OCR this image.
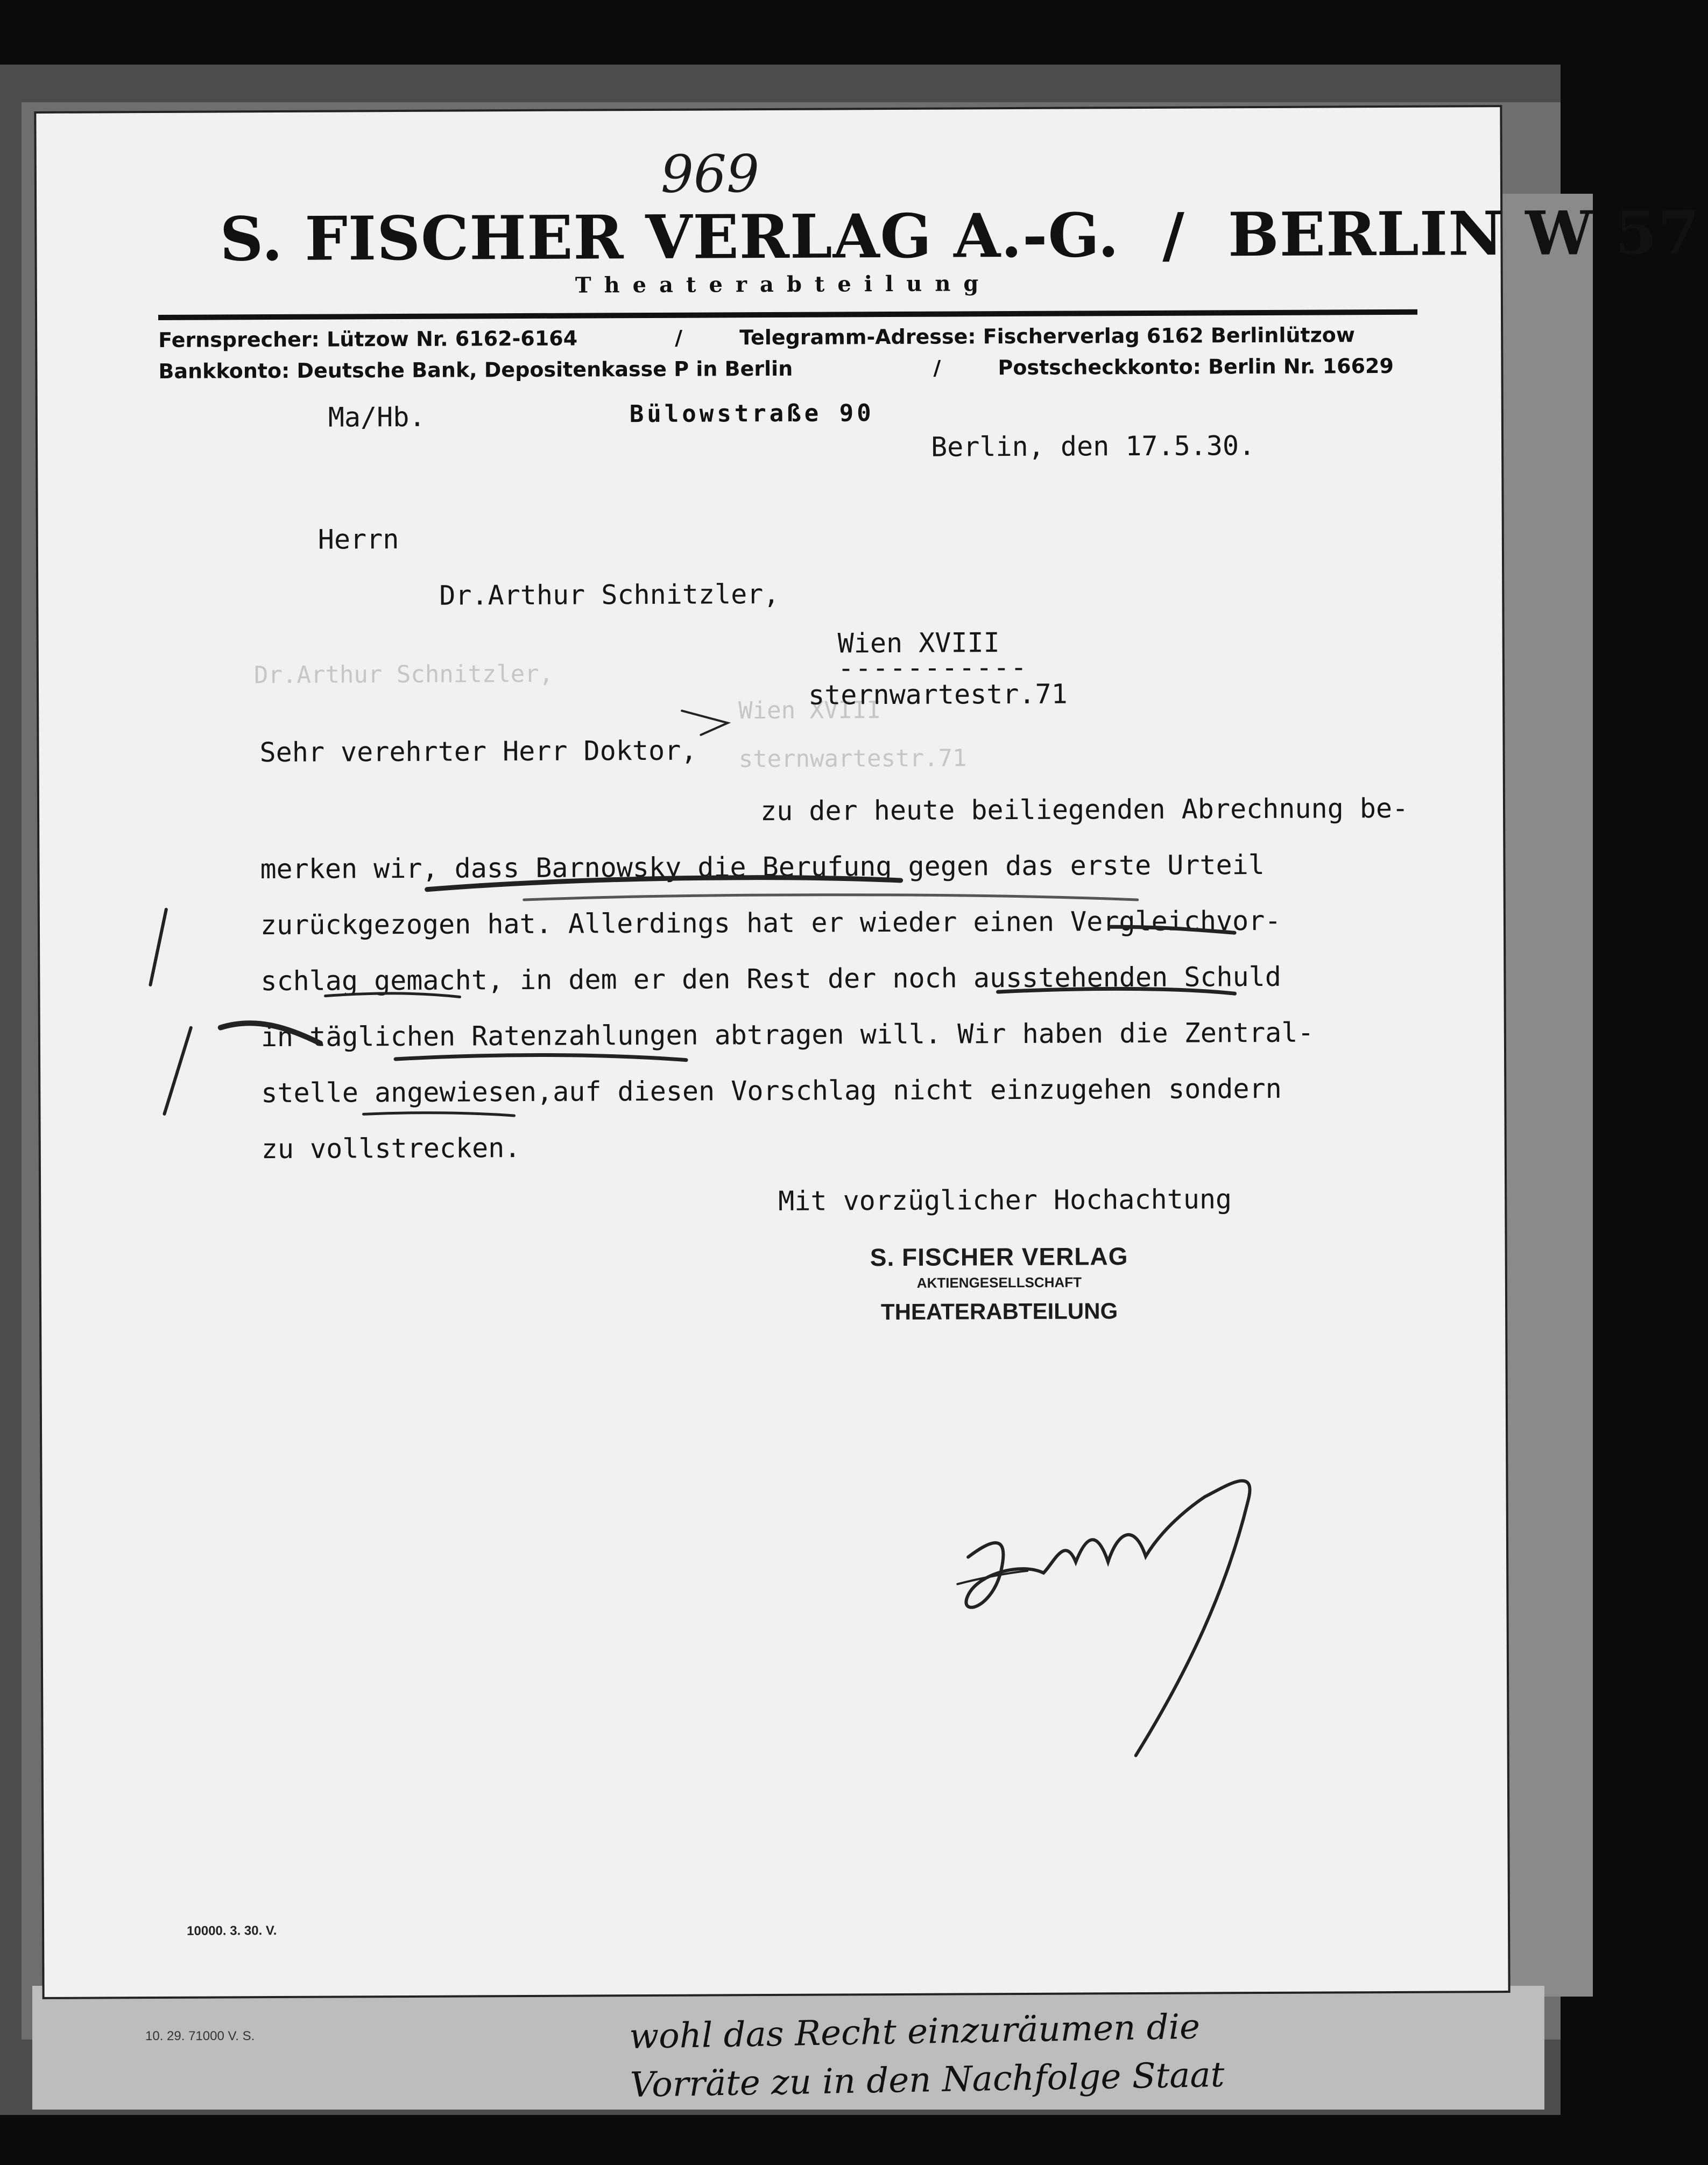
10. 29. 71000 V. S.	wohl das Recht einzuräumen die
Vorräte zu in den Nachfolge Staat
Dr.Arthur Schnitzler,
Wien XVIII
sternwartestr.71
969
S. FISCHER VERLAG A.-G. / BERLIN W 57
Theaterabteilung
Fernsprecher: Lützow Nr. 6162-6164	/	Telegramm-Adresse: Fischerverlag 6162 Berlinlützow
Bankkonto: Deutsche Bank, Depositenkasse P in Berlin	/	Postscheckkonto: Berlin Nr. 16629
Ma/Hb.	Bülowstraße 90
Berlin, den 17.5.30.
Herrn
Dr.Arthur Schnitzler,
Wien XVIII
-----------
sternwartestr.71
Sehr verehrter Herr Doktor,
zu der heute beiliegenden Abrechnung be-
merken wir, dass Barnowsky die Berufung gegen das erste Urteil
zurückgezogen hat. Allerdings hat er wieder einen Vergleichvor-
schlag gemacht, in dem er den Rest der noch ausstehenden Schuld
in täglichen Ratenzahlungen abtragen will. Wir haben die Zentral-
stelle angewiesen,auf diesen Vorschlag nicht einzugehen sondern
zu vollstrecken.
Mit vorzüglicher Hochachtung
S. FISCHER VERLAG
AKTIENGESELLSCHAFT
THEATERABTEILUNG
10000. 3. 30. V.
